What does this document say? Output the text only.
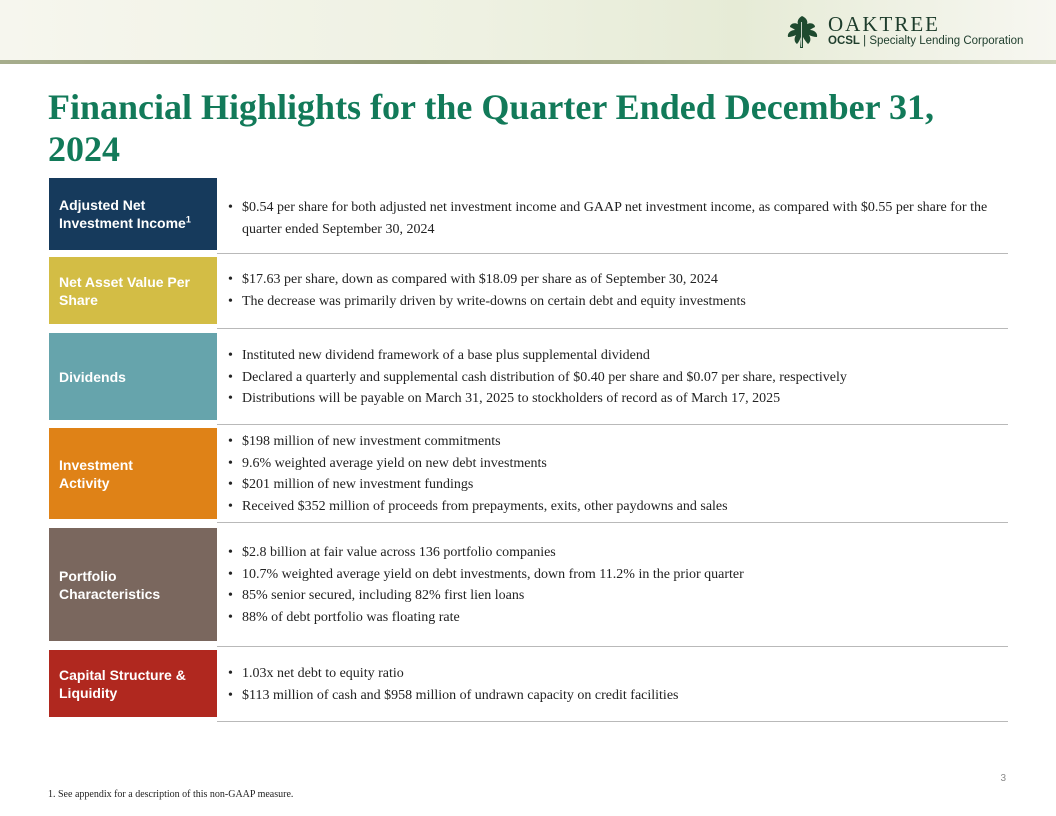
OAKTREE
OCSL | Specialty Lending Corporation
Financial Highlights for the Quarter Ended December 31, 2024
Adjusted Net Investment Income$^1$
• $0.54 per share for both adjusted net investment income and GAAP net investment income, as compared with $0.55 per share for the quarter ended September 30, 2024
Net Asset Value Per Share
• $17.63 per share, down as compared with $18.09 per share as of September 30, 2024
• The decrease was primarily driven by write-downs on certain debt and equity investments
Dividends
• Instituted new dividend framework of a base plus supplemental dividend
• Declared a quarterly and supplemental cash distribution of $0.40 per share and $0.07 per share, respectively
• Distributions will be payable on March 31, 2025 to stockholders of record as of March 17, 2025
Investment Activity
• $198 million of new investment commitments
• 9.6% weighted average yield on new debt investments
• $201 million of new investment fundings
• Received $352 million of proceeds from prepayments, exits, other paydowns and sales
Portfolio Characteristics
• $2.8 billion at fair value across 136 portfolio companies
• 10.7% weighted average yield on debt investments, down from 11.2% in the prior quarter
• 85% senior secured, including 82% first lien loans
• 88% of debt portfolio was floating rate
Capital Structure & Liquidity
• 1.03x net debt to equity ratio
• $113 million of cash and $958 million of undrawn capacity on credit facilities
1. See appendix for a description of this non-GAAP measure.
3
